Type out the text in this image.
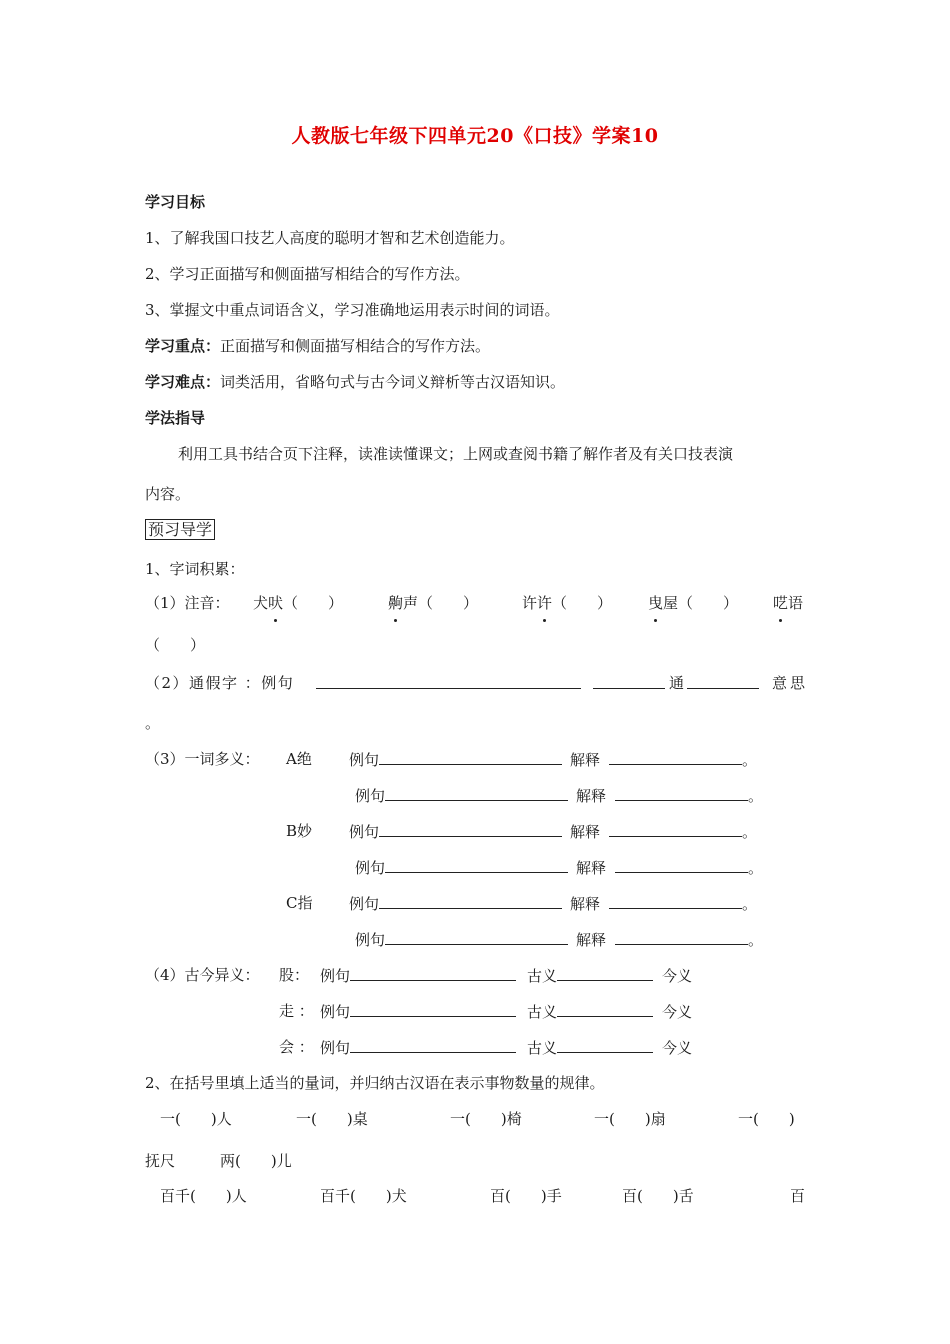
人教版七年级下四单元20《口技》学案10
学习目标
1、了解我国口技艺人高度的聪明才智和艺术创造能力。
2、学习正面描写和侧面描写相结合的写作方法。
3、掌握文中重点词语含义，学习准确地运用表示时间的词语。
学习重点：正面描写和侧面描写相结合的写作方法。
学习难点：词类活用，省略句式与古今词义辩析等古汉语知识。
学法指导
利用工具书结合页下注释，读准读懂课文；上网或查阅书籍了解作者及有关口技表演
内容。
预习导学
1、字词积累：
（1）注音： 犬吠（　　）	齁声（　　）	许许（　　） 曳屋（　　） 呓语
（　　）
（2）通假字 ：例句	通	意思
。
（3）一词多义： A绝 例句	解释	。
例句	解释	。
B妙 例句	解释	。
例句	解释	。
C指 例句	解释	。
例句	解释	。
（4）古今异义： 股： 例句	古义	今义
走 ： 例句	古义	今义
会 ： 例句	古义	今义
2、在括号里填上适当的量词，并归纳古汉语在表示事物数量的规律。
一(　　)人	一(　　)桌	一(　　)椅	一(　　)扇	一(　　)
抚尺	两(　　)儿
百千(　　)人	百千(　　)犬	百(　　)手	百(　　)舌	百
